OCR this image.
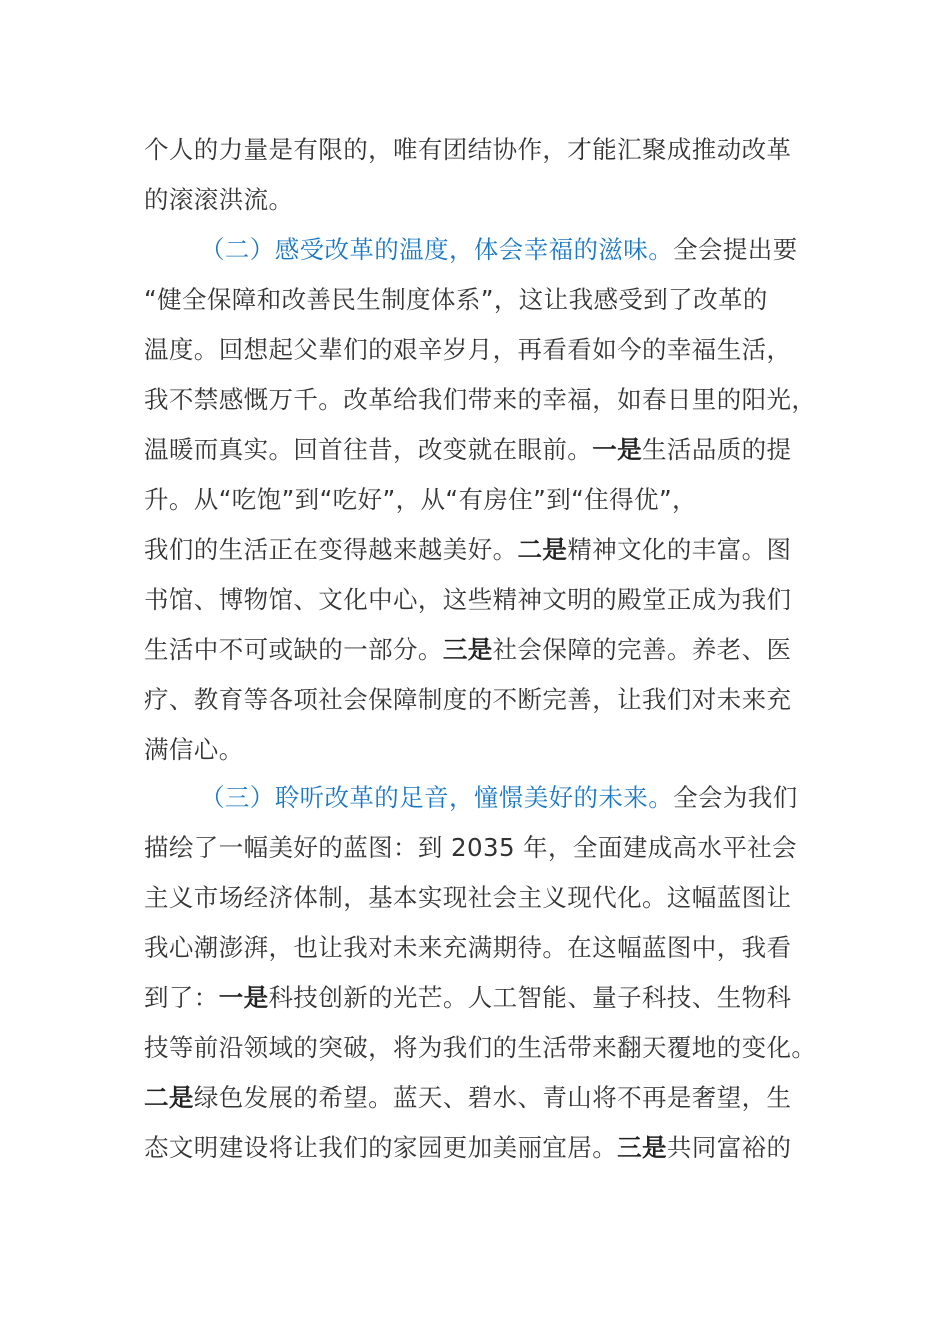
个人的力量是有限的，唯有团结协作，才能汇聚成推动改革
的滚滚洪流。
（二）感受改革的温度，体会幸福的滋味。全会提出要
“健全保障和改善民生制度体系”，这让我感受到了改革的
温度。回想起父辈们的艰辛岁月，再看看如今的幸福生活，
我不禁感慨万千。改革给我们带来的幸福，如春日里的阳光，
温暖而真实。回首往昔，改变就在眼前。一是生活品质的提
升。从“吃饱”到“吃好”，从“有房住”到“住得优”，
我们的生活正在变得越来越美好。二是精神文化的丰富。图
书馆、博物馆、文化中心，这些精神文明的殿堂正成为我们
生活中不可或缺的一部分。三是社会保障的完善。养老、医
疗、教育等各项社会保障制度的不断完善，让我们对未来充
满信心。
（三）聆听改革的足音，憧憬美好的未来。全会为我们
描绘了一幅美好的蓝图：到 2035 年，全面建成高水平社会
主义市场经济体制，基本实现社会主义现代化。这幅蓝图让
我心潮澎湃，也让我对未来充满期待。在这幅蓝图中，我看
到了：一是科技创新的光芒。人工智能、量子科技、生物科
技等前沿领域的突破，将为我们的生活带来翻天覆地的变化。
二是绿色发展的希望。蓝天、碧水、青山将不再是奢望，生
态文明建设将让我们的家园更加美丽宜居。三是共同富裕的
